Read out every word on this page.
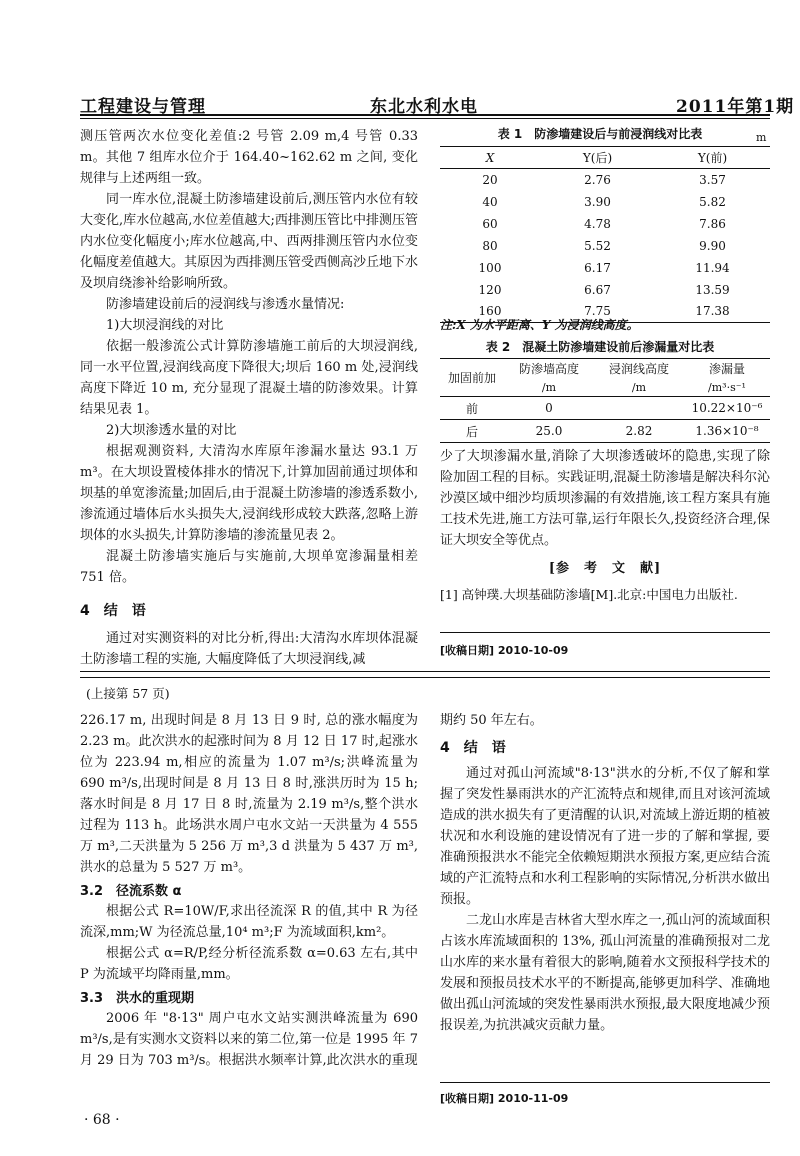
工程建设与管理	东北水利水电	2011年第1期

测压管两次水位变化差值:2 号管 2.09 m,4 号管 0.33 m。其他 7 组库水位介于 164.40~162.62 m 之间, 变化规律与上述两组一致。

同一库水位,混凝土防渗墙建设前后,测压管内水位有较大变化,库水位越高,水位差值越大;西排测压管比中排测压管内水位变化幅度小;库水位越高,中、西两排测压管内水位变化幅度差值越大。其原因为西排测压管受西侧高沙丘地下水及坝肩绕渗补给影响所致。

防渗墙建设前后的浸润线与渗透水量情况:

1)大坝浸润线的对比

依据一般渗流公式计算防渗墙施工前后的大坝浸润线,同一水平位置,浸润线高度下降很大;坝后 160 m 处,浸润线高度下降近 10 m, 充分显现了混凝土墙的防渗效果。计算结果见表 1。

2)大坝渗透水量的对比

根据观测资料, 大清沟水库原年渗漏水量达 93.1 万 m³。在大坝设置棱体排水的情况下,计算加固前通过坝体和坝基的单宽渗流量;加固后,由于混凝土防渗墙的渗透系数小,渗流通过墙体后水头损失大,浸润线形成较大跌落,忽略上游坝体的水头损失,计算防渗墙的渗流量见表 2。

混凝土防渗墙实施后与实施前,大坝单宽渗漏量相差751 倍。

4　结　语

通过对实测资料的对比分析,得出:大清沟水库坝体混凝土防渗墙工程的实施, 大幅度降低了大坝浸润线,减

表 1　防渗墙建设后与前浸润线对比表	m
X	Y(后)	Y(前)
20	2.76	3.57
40	3.90	5.82
60	4.78	7.86
80	5.52	9.90
100	6.17	11.94
120	6.67	13.59
160	7.75	17.38
注:X 为水平距离、Y 为浸润线高度。
表 2　混凝土防渗墙建设前后渗漏量对比表
加固前加	防渗墙高度	浸润线高度	渗漏量
	/m	/m	/m³·s⁻¹
前	0		10.22×10⁻⁶
后	25.0	2.82	1.36×10⁻⁸

少了大坝渗漏水量,消除了大坝渗透破坏的隐患,实现了除险加固工程的目标。实践证明,混凝土防渗墙是解决科尔沁沙漠区域中细沙均质坝渗漏的有效措施,该工程方案具有施工技术先进,施工方法可靠,运行年限长久,投资经济合理,保证大坝安全等优点。

[参　考　文　献]

[1] 高钟璞.大坝基础防渗墙[M].北京:中国电力出版社.

[收稿日期] 2010-10-09
(上接第 57 页)

226.17 m, 出现时间是 8 月 13 日 9 时, 总的涨水幅度为 2.23 m。此次洪水的起涨时间为 8 月 12 日 17 时,起涨水位为 223.94 m,相应的流量为 1.07 m³/s;洪峰流量为 690 m³/s,出现时间是 8 月 13 日 8 时,涨洪历时为 15 h;落水时间是 8 月 17 日 8 时,流量为 2.19 m³/s,整个洪水过程为 113 h。此场洪水周户屯水文站一天洪量为 4 555 万 m³,二天洪量为 5 256 万 m³,3 d 洪量为 5 437 万 m³, 洪水的总量为 5 527 万 m³。

3.2　径流系数 α

根据公式 R=10W/F,求出径流深 R 的值,其中 R 为径流深,mm;W 为径流总量,10⁴ m³;F 为流域面积,km²。

根据公式 α=R/P,经分析径流系数 α=0.63 左右,其中 P 为流域平均降雨量,mm。

3.3　洪水的重现期

2006 年 "8·13" 周户屯水文站实测洪峰流量为 690 m³/s,是有实测水文资料以来的第二位,第一位是 1995 年 7 月 29 日为 703 m³/s。根据洪水频率计算,此次洪水的重现

· 68 ·

期约 50 年左右。

4　结　语

通过对孤山河流域"8·13"洪水的分析,不仅了解和掌握了突发性暴雨洪水的产汇流特点和规律,而且对该河流域造成的洪水损失有了更清醒的认识,对流域上游近期的植被状况和水利设施的建设情况有了进一步的了解和掌握, 要准确预报洪水不能完全依赖短期洪水预报方案,更应结合流域的产汇流特点和水利工程影响的实际情况,分析洪水做出预报。

二龙山水库是吉林省大型水库之一,孤山河的流域面积占该水库流域面积的 13%, 孤山河流量的准确预报对二龙山水库的来水量有着很大的影响,随着水文预报科学技术的发展和预报员技术水平的不断提高,能够更加科学、准确地做出孤山河流域的突发性暴雨洪水预报,最大限度地减少预报误差,为抗洪减灾贡献力量。

[收稿日期] 2010-11-09
